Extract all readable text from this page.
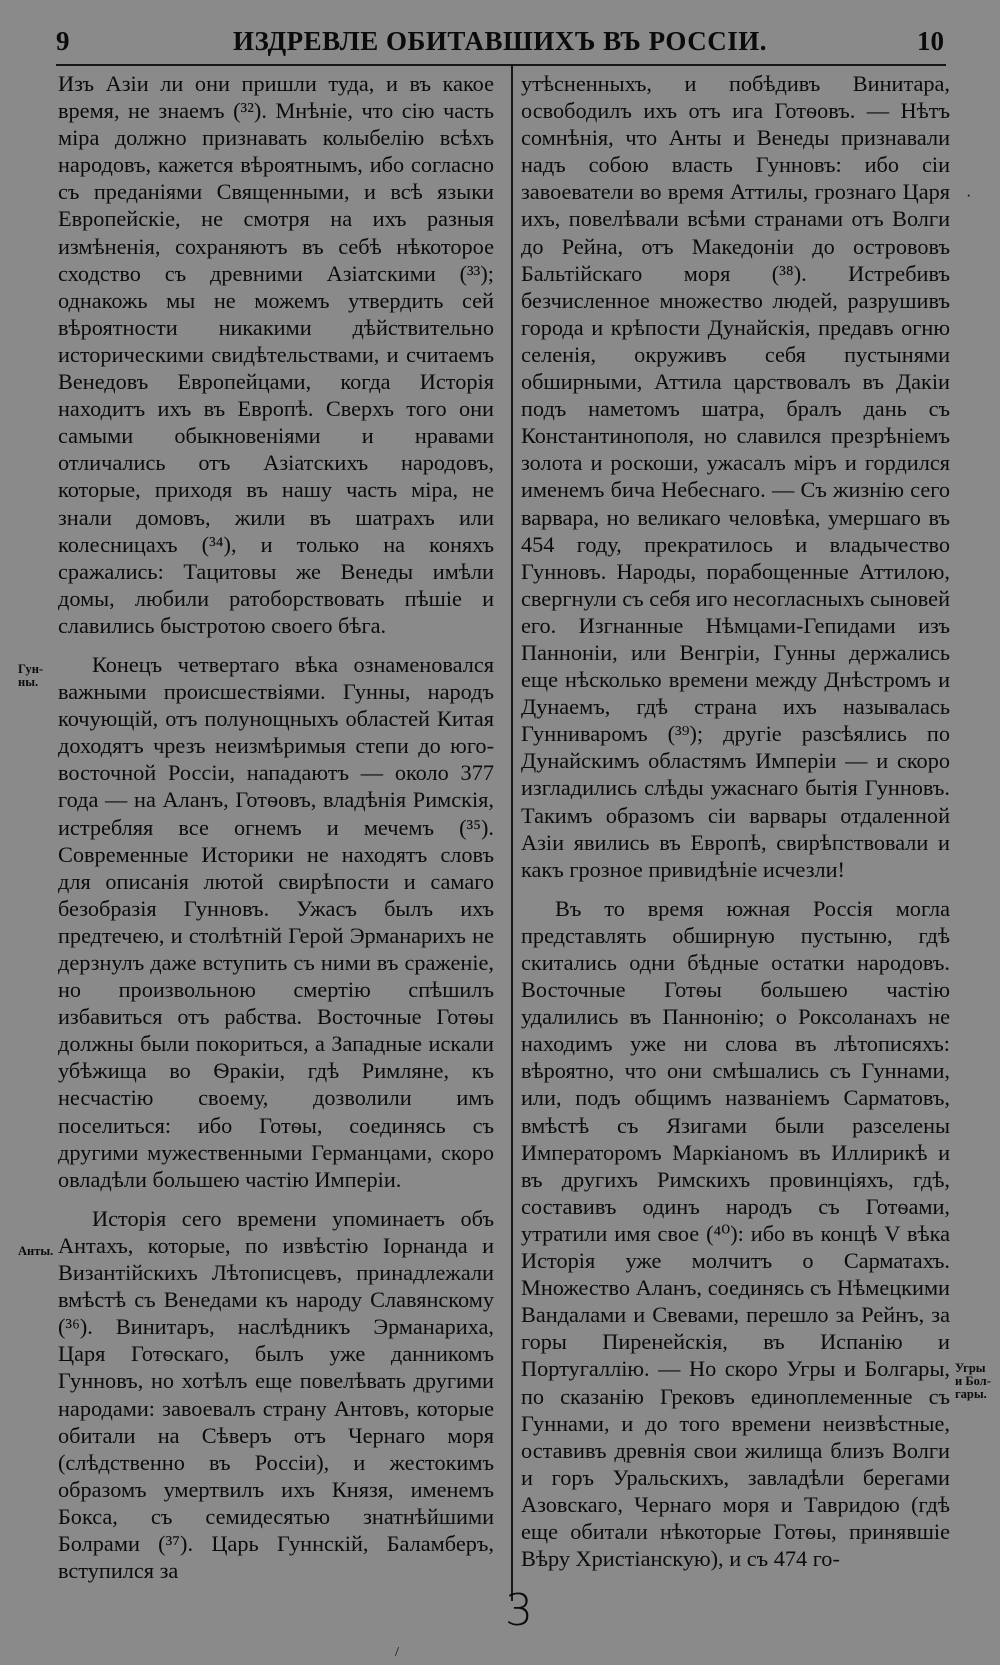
9	ИЗДРЕВЛЕ ОБИТАВШИХЪ ВЪ РОССІИ.	10
Гун-
ны.
Анты.
Угры
и Бол-
гары.

Изъ Азіи ли они пришли туда, и въ какое время, не знаемъ (³²). Мнѣніе, что сію часть міра должно признавать колыбелію всѣхъ народовъ, кажется вѣроятнымъ, ибо согласно съ преданіями Священными, и всѣ языки Европейскіе, не смотря на ихъ разныя измѣненія, сохраняютъ въ себѣ нѣкоторое сходство съ древними Азіатскими (³³); однакожь мы не можемъ утвердить сей вѣроятности никакими дѣйствительно историческими свидѣтельствами, и считаемъ Венедовъ Европейцами, когда Исторія находитъ ихъ въ Европѣ. Сверхъ того они самыми обыкновеніями и нравами отличались отъ Азіатскихъ народовъ, которые, приходя въ нашу часть міра, не знали домовъ, жили въ шатрахъ или колесницахъ (³⁴), и только на коняхъ сражались: Тацитовы же Венеды имѣли домы, любили ратоборствовать пѣшіе и славились быстротою своего бѣга.

Конецъ четвертаго вѣка ознаменовался важными происшествіями. Гунны, народъ кочующій, отъ полунощныхъ областей Китая доходятъ чрезъ неизмѣримыя степи до юго-восточной Россіи, нападаютъ — около 377 года — на Аланъ, Готѳовъ, владѣнія Римскія, истребляя все огнемъ и мечемъ (³⁵). Современные Историки не находятъ словъ для описанія лютой свирѣпости и самаго безобразія Гунновъ. Ужасъ былъ ихъ предтечею, и столѣтній Герой Эрманарихъ не дерзнулъ даже вступить съ ними въ сраженіе, но произвольною смертію спѣшилъ избавиться отъ рабства. Восточные Готѳы должны были покориться, а Западные искали убѣжища во Ѳракіи, гдѣ Римляне, къ несчастію своему, дозволили имъ поселиться: ибо Готѳы, соединясь съ другими мужественными Германцами, скоро овладѣли большею частію Имперіи.

Исторія сего времени упоминаетъ объ Антахъ, которые, по извѣстію Іорнанда и Византійскихъ Лѣтописцевъ, принадлежали вмѣстѣ съ Венедами къ народу Славянскому (³⁶). Винитаръ, наслѣдникъ Эрманариха, Царя Готѳскаго, былъ уже данникомъ Гунновъ, но хотѣлъ еще повелѣвать другими народами: завоевалъ страну Антовъ, которые обитали на Сѣверъ отъ Чернаго моря (слѣдственно въ Россіи), и жестокимъ образомъ умертвилъ ихъ Князя, именемъ Бокса, съ семидесятью знатнѣйшими Болрами (³⁷). Царь Гуннскій, Баламберъ, вступился за

утѣсненныхъ, и побѣдивъ Винитара, освободилъ ихъ отъ ига Готѳовъ. — Нѣтъ сомнѣнія, что Анты и Венеды признавали надъ собою власть Гунновъ: ибо сіи завоеватели во время Аттилы, грознаго Царя ихъ, повелѣвали всѣми странами отъ Волги до Рейна, отъ Македоніи до острововъ Бальтійскаго моря (³⁸). Истребивъ безчисленное множество людей, разрушивъ города и крѣпости Дунайскія, предавъ огню селенія, окруживъ себя пустынями обширными, Аттила царствовалъ въ Дакіи подъ наметомъ шатра, бралъ дань съ Константинополя, но славился презрѣніемъ золота и роскоши, ужасалъ міръ и гордился именемъ бича Небеснаго. — Съ жизнію сего варвара, но великаго человѣка, умершаго въ 454 году, прекратилось и владычество Гунновъ. Народы, порабощенные Аттилою, свергнули съ себя иго несогласныхъ сыновей его. Изгнанные Нѣмцами-Гепидами изъ Панноніи, или Венгріи, Гунны держались еще нѣсколько времени между Днѣстромъ и Дунаемъ, гдѣ страна ихъ называлась Гунниваромъ (³⁹); другіе разсѣялись по Дунайскимъ областямъ Имперіи — и скоро изгладились слѣды ужаснаго бытія Гунновъ. Такимъ образомъ сіи варвары отдаленной Азіи явились въ Европѣ, свирѣпствовали и какъ грозное привидѣніе исчезли!

Въ то время южная Россія могла представлять обширную пустыню, гдѣ скитались одни бѣдные остатки народовъ. Восточные Готѳы большею частію удалились въ Паннонію; о Роксоланахъ не находимъ уже ни слова въ лѣтописяхъ: вѣроятно, что они смѣшались съ Гуннами, или, подъ общимъ названіемъ Сарматовъ, вмѣстѣ съ Язигами были разселены Императоромъ Маркіаномъ въ Иллирикѣ и въ другихъ Римскихъ провинціяхъ, гдѣ, составивъ одинъ народъ съ Готѳами, утратили имя свое (⁴⁰): ибо въ концѣ V вѣка Исторія уже молчитъ о Сарматахъ. Множество Аланъ, соединясь съ Нѣмецкими Вандалами и Свевами, перешло за Рейнъ, за горы Пиренейскія, въ Испанію и Португаллію. — Но скоро Угры и Болгары, по сказанію Грековъ единоплеменные съ Гуннами, и до того времени неизвѣстные, оставивъ древнія свои жилища близъ Волги и горъ Уральскихъ, завладѣли берегами Азовскаго, Чернаго моря и Тавридою (гдѣ еще обитали нѣкоторые Готѳы, принявшіе Вѣру Христіанскую), и съ 474 го-

·
3
/
